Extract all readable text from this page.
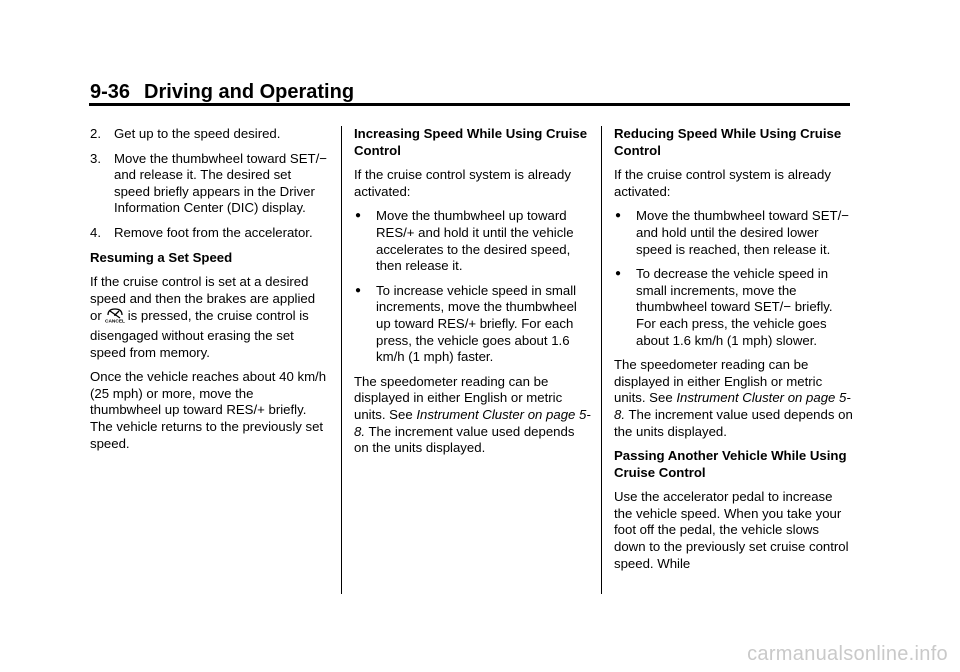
9-36 Driving and Operating
2. Get up to the speed desired.
3. Move the thumbwheel toward SET/− and release it. The desired set speed briefly appears in the Driver Information Center (DIC) display.
4. Remove foot from the accelerator.

Resuming a Set Speed

If the cruise control is set at a desired speed and then the brakes are applied or CANCEL is pressed, the cruise control is disengaged without erasing the set speed from memory.

Once the vehicle reaches about 40 km/h (25 mph) or more, move the thumbwheel up toward RES/+ briefly. The vehicle returns to the previously set speed.

Increasing Speed While Using Cruise Control

If the cruise control system is already activated:

●	Move the thumbwheel up toward RES/+ and hold it until the vehicle accelerates to the desired speed, then release it.
●	To increase vehicle speed in small increments, move the thumbwheel up toward RES/+ briefly. For each press, the vehicle goes about 1.6 km/h (1 mph) faster.

The speedometer reading can be displayed in either English or metric units. See Instrument Cluster on page 5-8. The increment value used depends on the units displayed.

Reducing Speed While Using Cruise Control

If the cruise control system is already activated:

●	Move the thumbwheel toward SET/− and hold until the desired lower speed is reached, then release it.
●	To decrease the vehicle speed in small increments, move the thumbwheel toward SET/− briefly. For each press, the vehicle goes about 1.6 km/h (1 mph) slower.

The speedometer reading can be displayed in either English or metric units. See Instrument Cluster on page 5-8. The increment value used depends on the units displayed.

Passing Another Vehicle While Using Cruise Control

Use the accelerator pedal to increase the vehicle speed. When you take your foot off the pedal, the vehicle slows down to the previously set cruise control speed. While

carmanualsonline.info
